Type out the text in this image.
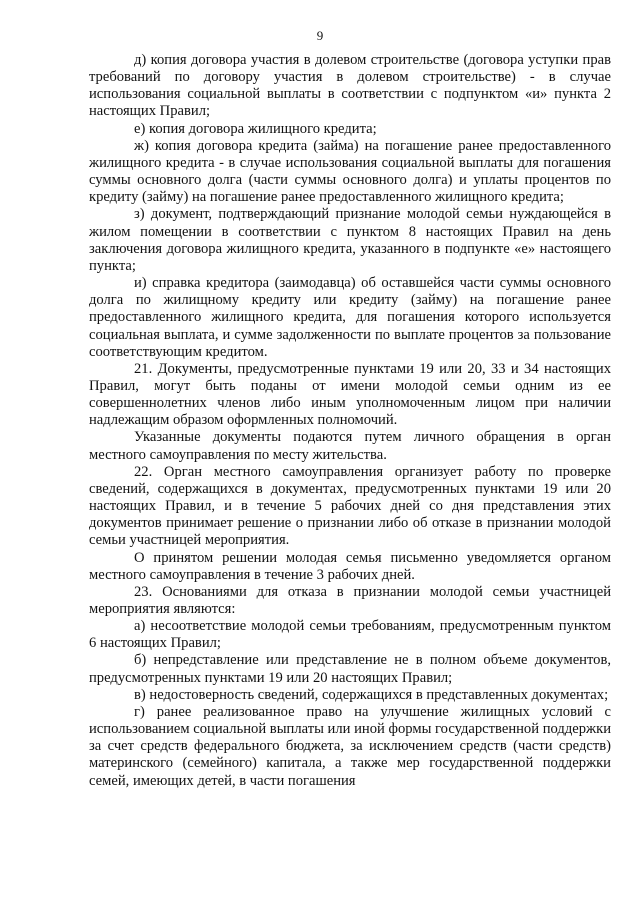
9

д) копия договора участия в долевом строительстве (договора уступки прав требований по договору участия в долевом строительстве) - в случае использования социальной выплаты в соответствии с подпунктом «и» пункта 2 настоящих Правил;

е) копия договора жилищного кредита;

ж) копия договора кредита (займа) на погашение ранее предоставленного жилищного кредита - в случае использования социальной выплаты для погашения суммы основного долга (части суммы основного долга) и уплаты процентов по кредиту (займу) на погашение ранее предоставленного жилищного кредита;

з) документ, подтверждающий признание молодой семьи нуждающейся в жилом помещении в соответствии с пунктом 8 настоящих Правил на день заключения договора жилищного кредита, указанного в подпункте «е» настоящего пункта;

и) справка кредитора (заимодавца) об оставшейся части суммы основного долга по жилищному кредиту или кредиту (займу) на погашение ранее предоставленного жилищного кредита, для погашения которого используется социальная выплата, и сумме задолженности по выплате процентов за пользование соответствующим кредитом.

21. Документы, предусмотренные пунктами 19 или 20, 33 и 34 настоящих Правил, могут быть поданы от имени молодой семьи одним из ее совершеннолетних членов либо иным уполномоченным лицом при наличии надлежащим образом оформленных полномочий.

Указанные документы подаются путем личного обращения в орган местного самоуправления по месту жительства.

22. Орган местного самоуправления организует работу по проверке сведений, содержащихся в документах, предусмотренных пунктами 19 или 20 настоящих Правил, и в течение 5 рабочих дней со дня представления этих документов принимает решение о признании либо об отказе в признании молодой семьи участницей мероприятия.

О принятом решении молодая семья письменно уведомляется органом местного самоуправления в течение 3 рабочих дней.

23. Основаниями для отказа в признании молодой семьи участницей мероприятия являются:

а) несоответствие молодой семьи требованиям, предусмотренным пунктом 6 настоящих Правил;

б) непредставление или представление не в полном объеме документов, предусмотренных пунктами 19 или 20 настоящих Правил;

в) недостоверность сведений, содержащихся в представленных документах;

г) ранее реализованное право на улучшение жилищных условий с использованием социальной выплаты или иной формы государственной поддержки за счет средств федерального бюджета, за исключением средств (части средств) материнского (семейного) капитала, а также мер государственной поддержки семей, имеющих детей, в части погашения
